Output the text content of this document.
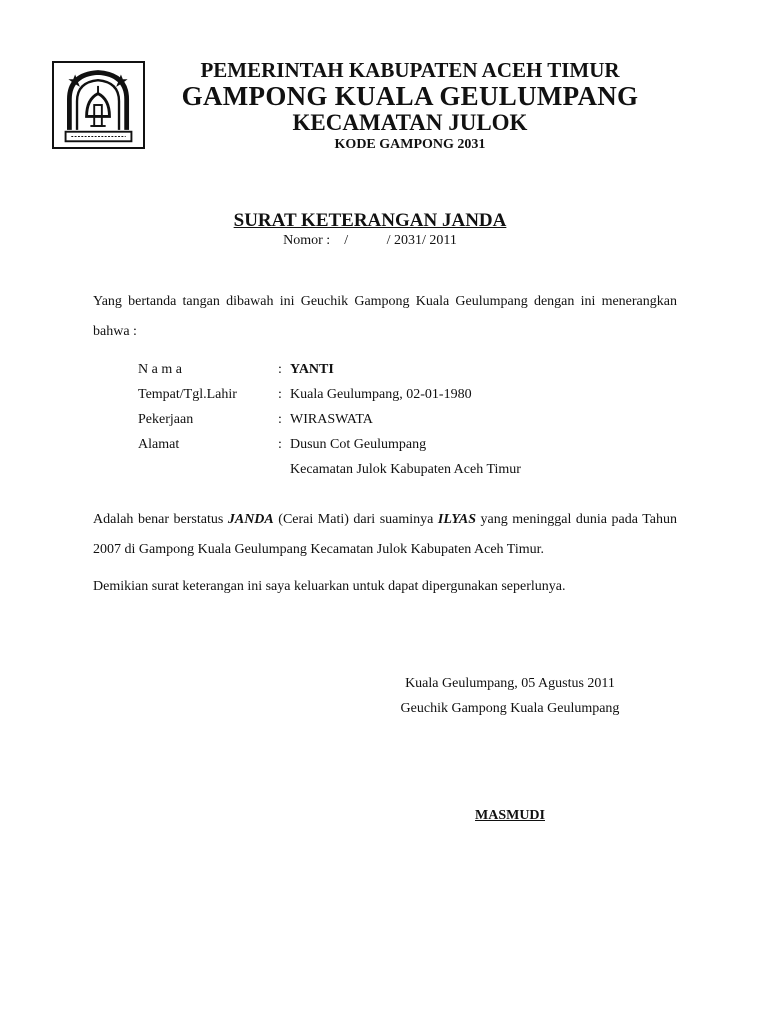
PEMERINTAH KABUPATEN ACEH TIMUR
GAMPONG KUALA GEULUMPANG
KECAMATAN JULOK
KODE GAMPONG 2031
SURAT KETERANGAN JANDA
Nomor :    /           / 2031/ 2011
Yang bertanda tangan dibawah ini Geuchik Gampong Kuala Geulumpang dengan ini menerangkan bahwa :
N a m a	: YANTI
Tempat/Tgl.Lahir	: Kuala Geulumpang, 02-01-1980
Pekerjaan	: WIRASWATA
Alamat	: Dusun Cot Geulumpang
Kecamatan Julok Kabupaten Aceh Timur
Adalah benar berstatus JANDA (Cerai Mati) dari suaminya ILYAS yang meninggal dunia pada Tahun 2007 di Gampong Kuala Geulumpang Kecamatan Julok Kabupaten Aceh Timur.
Demikian surat keterangan ini saya keluarkan untuk dapat dipergunakan seperlunya.
Kuala Geulumpang, 05 Agustus 2011
Geuchik Gampong Kuala Geulumpang
MASMUDI
